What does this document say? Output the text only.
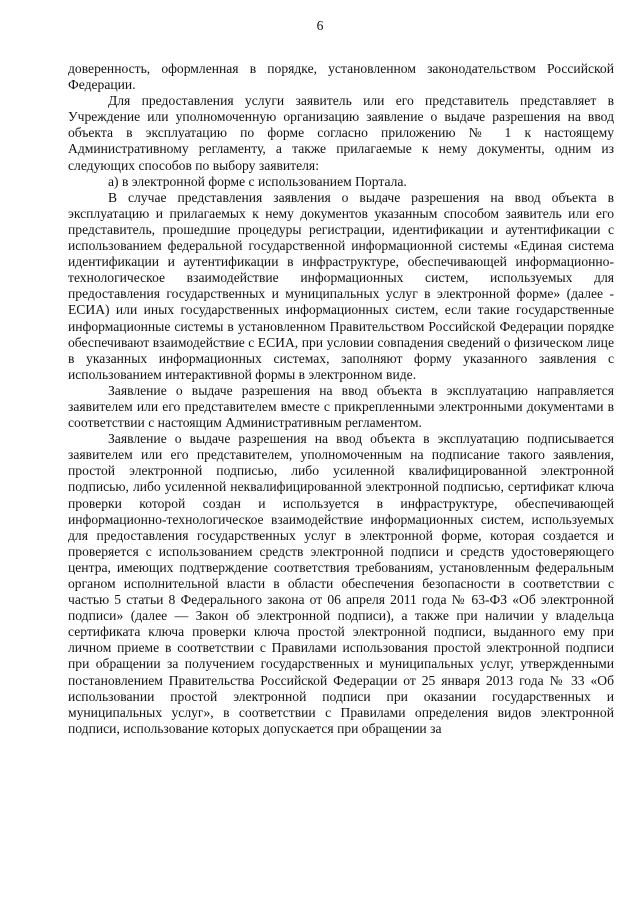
6

доверенность, оформленная в порядке, установленном законодательством Российской Федерации.

Для предоставления услуги заявитель или его представитель представляет в Учреждение или уполномоченную организацию заявление о выдаче разрешения на ввод объекта в эксплуатацию по форме согласно приложению № 1 к настоящему Административному регламенту, а также прилагаемые к нему документы, одним из следующих способов по выбору заявителя:

а) в электронной форме с использованием Портала.

В случае представления заявления о выдаче разрешения на ввод объекта в эксплуатацию и прилагаемых к нему документов указанным способом заявитель или его представитель, прошедшие процедуры регистрации, идентификации и аутентификации с использованием федеральной государственной информационной системы «Единая система идентификации и аутентификации в инфраструктуре, обеспечивающей информационно-технологическое взаимодействие информационных систем, используемых для предоставления государственных и муниципальных услуг в электронной форме» (далее - ЕСИА) или иных государственных информационных систем, если такие государственные информационные системы в установленном Правительством Российской Федерации порядке обеспечивают взаимодействие с ЕСИА, при условии совпадения сведений о физическом лице в указанных информационных системах, заполняют форму указанного заявления с использованием интерактивной формы в электронном виде.

Заявление о выдаче разрешения на ввод объекта в эксплуатацию направляется заявителем или его представителем вместе с прикрепленными электронными документами в соответствии с настоящим Административным регламентом.

Заявление о выдаче разрешения на ввод объекта в эксплуатацию подписывается заявителем или его представителем, уполномоченным на подписание такого заявления, простой электронной подписью, либо усиленной квалифицированной электронной подписью, либо усиленной неквалифицированной электронной подписью, сертификат ключа проверки которой создан и используется в инфраструктуре, обеспечивающей информационно-технологическое взаимодействие информационных систем, используемых для предоставления государственных услуг в электронной форме, которая создается и проверяется с использованием средств электронной подписи и средств удостоверяющего центра, имеющих подтверждение соответствия требованиям, установленным федеральным органом исполнительной власти в области обеспечения безопасности в соответствии с частью 5 статьи 8 Федерального закона от 06 апреля 2011 года № 63-ФЗ «Об электронной подписи» (далее — Закон об электронной подписи), а также при наличии у владельца сертификата ключа проверки ключа простой электронной подписи, выданного ему при личном приеме в соответствии с Правилами использования простой электронной подписи при обращении за получением государственных и муниципальных услуг, утвержденными постановлением Правительства Российской Федерации от 25 января 2013 года № 33 «Об использовании простой электронной подписи при оказании государственных и муниципальных услуг», в соответствии с Правилами определения видов электронной подписи, использование которых допускается при обращении за
